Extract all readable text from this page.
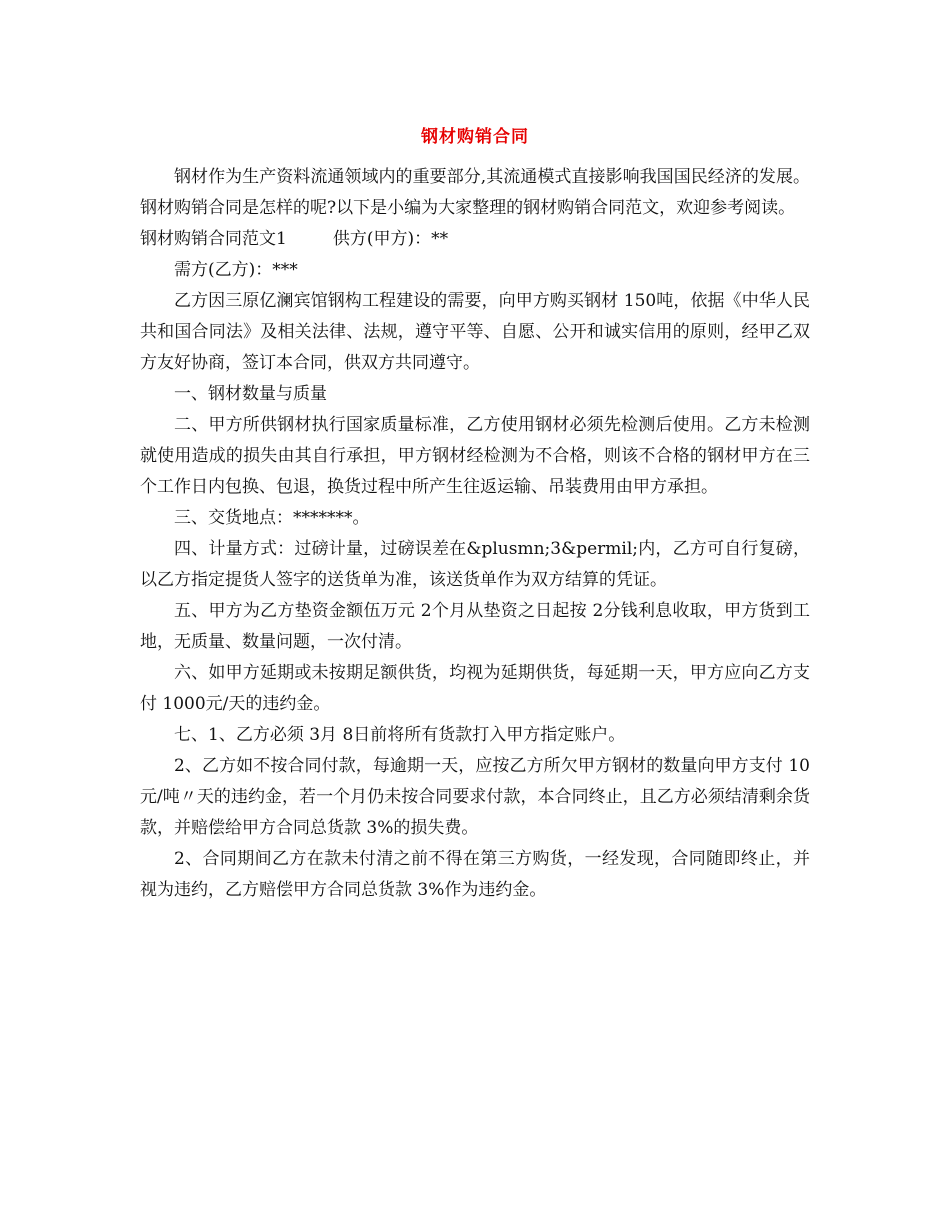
钢材购销合同

钢材作为生产资料流通领域内的重要部分,其流通模式直接影响我国国民经济的发展。钢材购销合同是怎样的呢?以下是小编为大家整理的钢材购销合同范文，欢迎参考阅读。

钢材购销合同范文1	供方(甲方)：**

需方(乙方)：***

乙方因三原亿澜宾馆钢构工程建设的需要，向甲方购买钢材 150吨，依据《中华人民共和国合同法》及相关法律、法规，遵守平等、自愿、公开和诚实信用的原则，经甲乙双方友好协商，签订本合同，供双方共同遵守。

一、钢材数量与质量

二、甲方所供钢材执行国家质量标准，乙方使用钢材必须先检测后使用。乙方未检测就使用造成的损失由其自行承担，甲方钢材经检测为不合格，则该不合格的钢材甲方在三个工作日内包换、包退，换货过程中所产生往返运输、吊装费用由甲方承担。

三、交货地点：*******。

四、计量方式：过磅计量，过磅误差在&plusmn;3&permil;内，乙方可自行复磅，以乙方指定提货人签字的送货单为准，该送货单作为双方结算的凭证。

五、甲方为乙方垫资金额伍万元 2个月从垫资之日起按 2分钱利息收取，甲方货到工地，无质量、数量问题，一次付清。

六、如甲方延期或未按期足额供货，均视为延期供货，每延期一天，甲方应向乙方支付 1000元/天的违约金。

七、1、乙方必须 3月 8日前将所有货款打入甲方指定账户。

2、乙方如不按合同付款，每逾期一天，应按乙方所欠甲方钢材的数量向甲方支付 10元/吨〃天的违约金，若一个月仍未按合同要求付款，本合同终止，且乙方必须结清剩余货款，并赔偿给甲方合同总货款 3%的损失费。

2、合同期间乙方在款未付清之前不得在第三方购货，一经发现，合同随即终止，并视为违约，乙方赔偿甲方合同总货款 3%作为违约金。
